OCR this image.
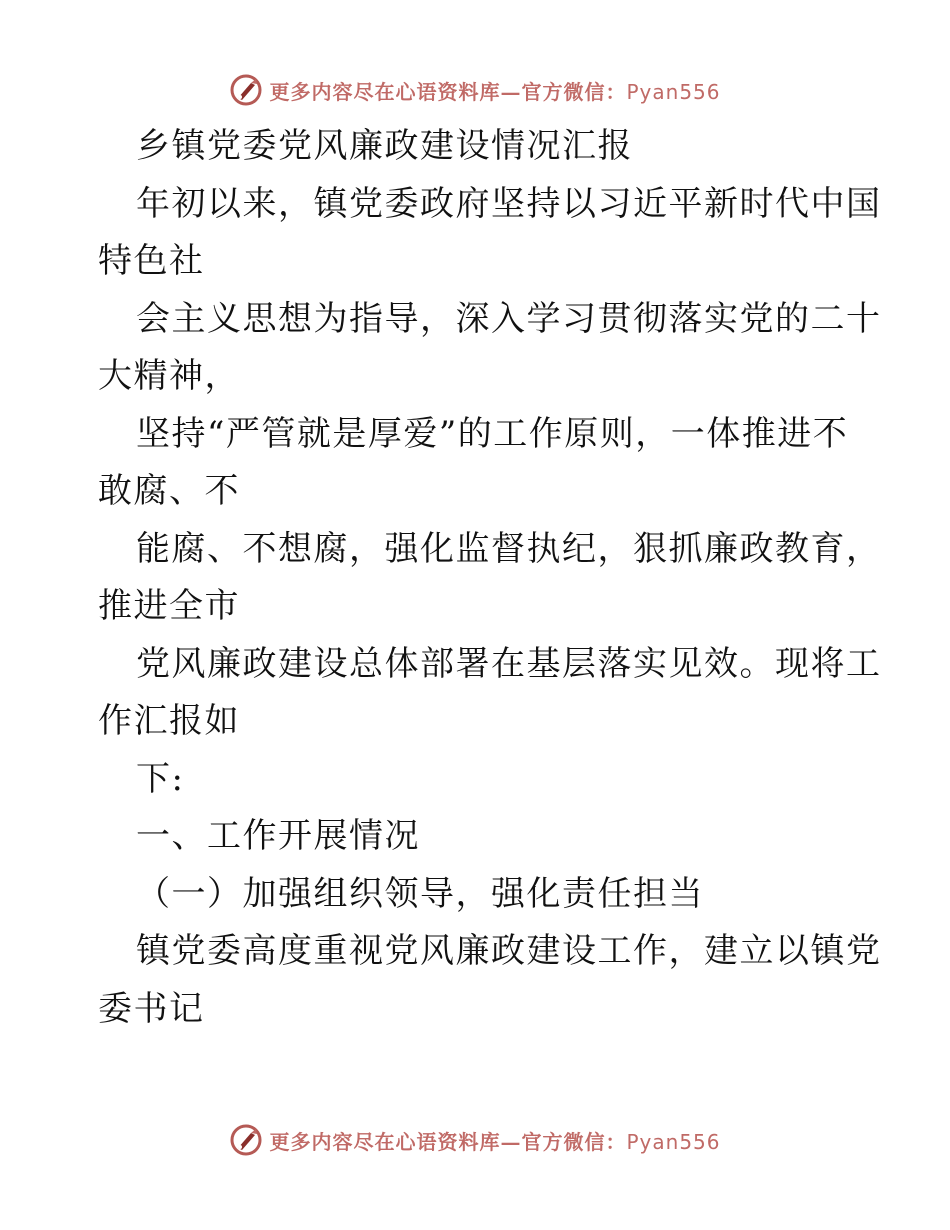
更多内容尽在心语资料库—官方微信：Pyan556
乡镇党委党风廉政建设情况汇报
年初以来，镇党委政府坚持以习近平新时代中国
特色社
会主义思想为指导，深入学习贯彻落实党的二十
大精神，
坚持“严管就是厚爱”的工作原则，一体推进不
敢腐、不
能腐、不想腐，强化监督执纪，狠抓廉政教育，
推进全市
党风廉政建设总体部署在基层落实见效。现将工
作汇报如
下:
一、工作开展情况
（一）加强组织领导，强化责任担当
镇党委高度重视党风廉政建设工作，建立以镇党
委书记
更多内容尽在心语资料库—官方微信：Pyan556
